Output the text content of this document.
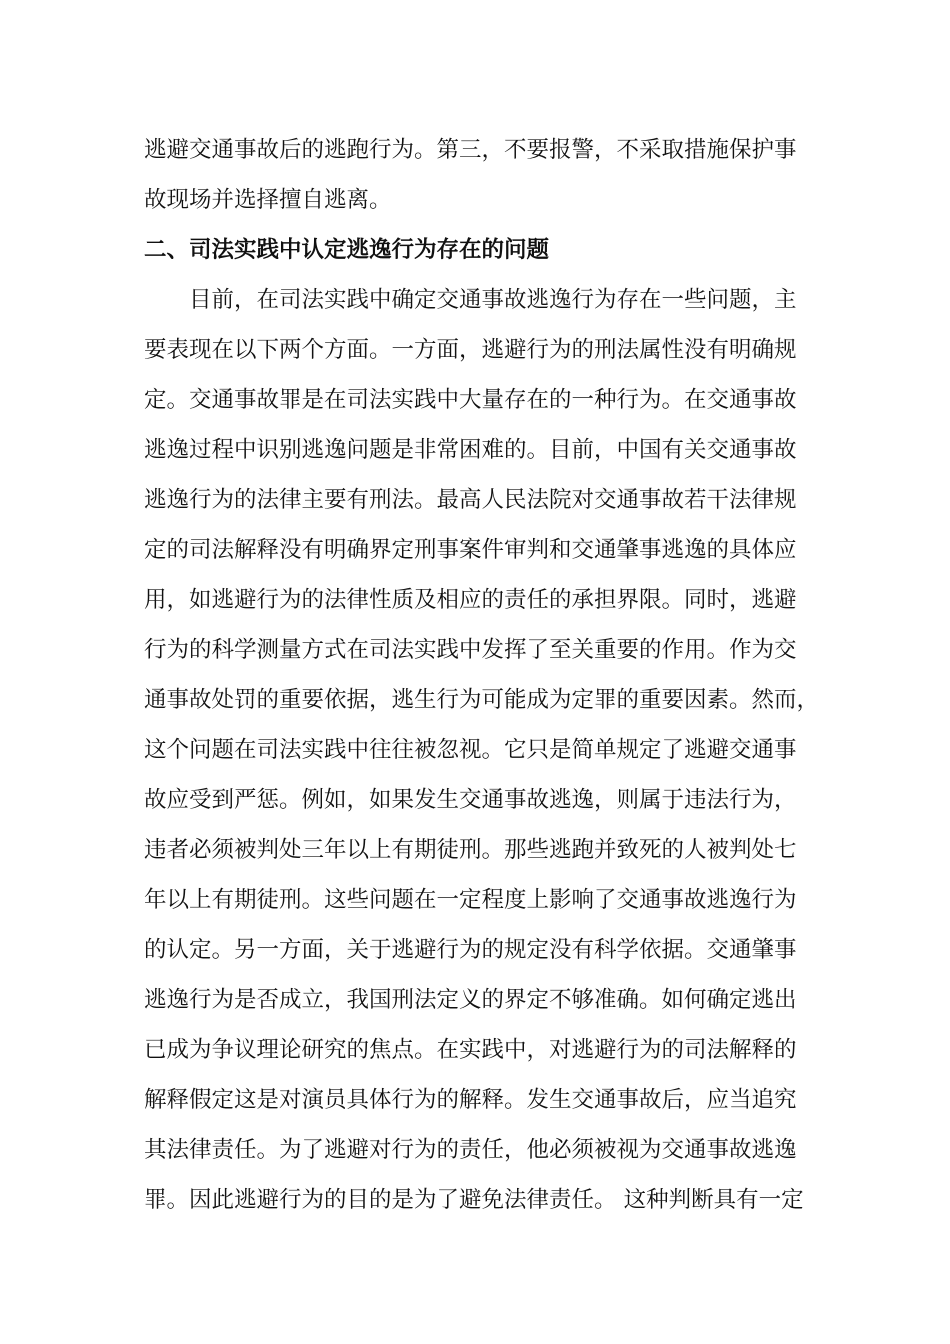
逃避交通事故后的逃跑行为。第三，不要报警，不采取措施保护事
故现场并选择擅自逃离。
二、司法实践中认定逃逸行为存在的问题
　　目前，在司法实践中确定交通事故逃逸行为存在一些问题，主
要表现在以下两个方面。一方面，逃避行为的刑法属性没有明确规
定。交通事故罪是在司法实践中大量存在的一种行为。在交通事故
逃逸过程中识别逃逸问题是非常困难的。目前，中国有关交通事故
逃逸行为的法律主要有刑法。最高人民法院对交通事故若干法律规
定的司法解释没有明确界定刑事案件审判和交通肇事逃逸的具体应
用，如逃避行为的法律性质及相应的责任的承担界限。同时，逃避
行为的科学测量方式在司法实践中发挥了至关重要的作用。作为交
通事故处罚的重要依据，逃生行为可能成为定罪的重要因素。然而，
这个问题在司法实践中往往被忽视。它只是简单规定了逃避交通事
故应受到严惩。例如，如果发生交通事故逃逸，则属于违法行为，
违者必须被判处三年以上有期徒刑。那些逃跑并致死的人被判处七
年以上有期徒刑。这些问题在一定程度上影响了交通事故逃逸行为
的认定。另一方面，关于逃避行为的规定没有科学依据。交通肇事
逃逸行为是否成立，我国刑法定义的界定不够准确。如何确定逃出
已成为争议理论研究的焦点。在实践中，对逃避行为的司法解释的
解释假定这是对演员具体行为的解释。发生交通事故后，应当追究
其法律责任。为了逃避对行为的责任，他必须被视为交通事故逃逸
罪。因此逃避行为的目的是为了避免法律责任。 这种判断具有一定
